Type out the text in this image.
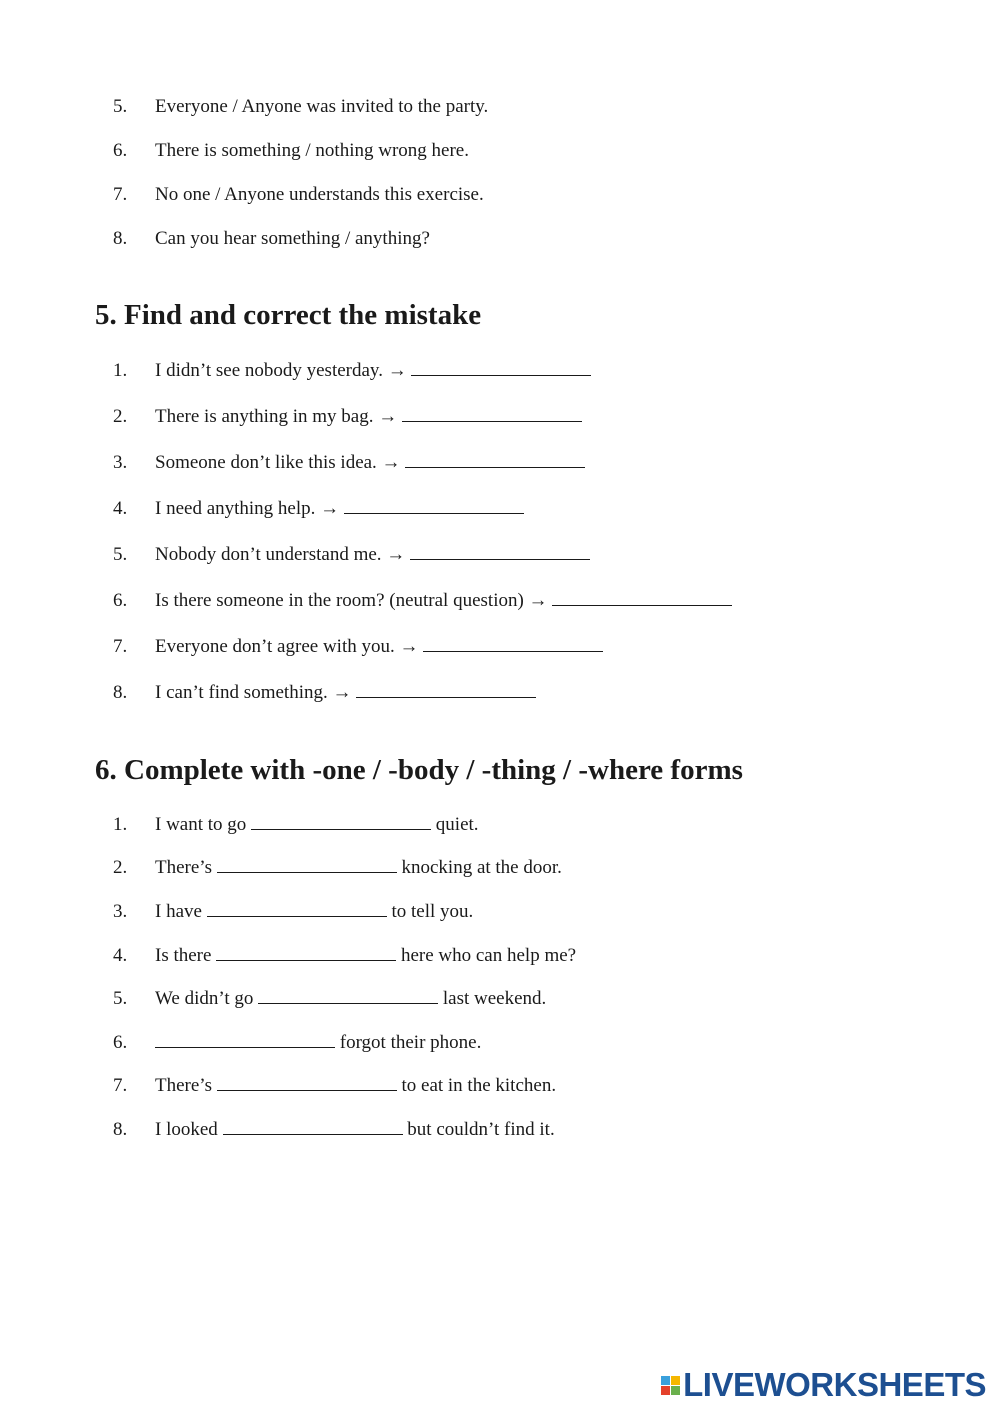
5. Everyone / Anyone was invited to the party.
6. There is something / nothing wrong here.
7. No one / Anyone understands this exercise.
8. Can you hear something / anything?
5. Find and correct the mistake
1. I didn’t see nobody yesterday. →
2. There is anything in my bag. →
3. Someone don’t like this idea. →
4. I need anything help. →
5. Nobody don’t understand me. →
6. Is there someone in the room? (neutral question) →
7. Everyone don’t agree with you. →
8. I can’t find something. →
6. Complete with -one / -body / -thing / -where forms
1. I want to go	quiet.
2. There’s	knocking at the door.
3. I have	to tell you.
4. Is there	here who can help me?
5. We didn’t go	last weekend.
6.	forgot their phone.
7. There’s	to eat in the kitchen.
8. I looked	but couldn’t find it.
LIVEWORKSHEETS
